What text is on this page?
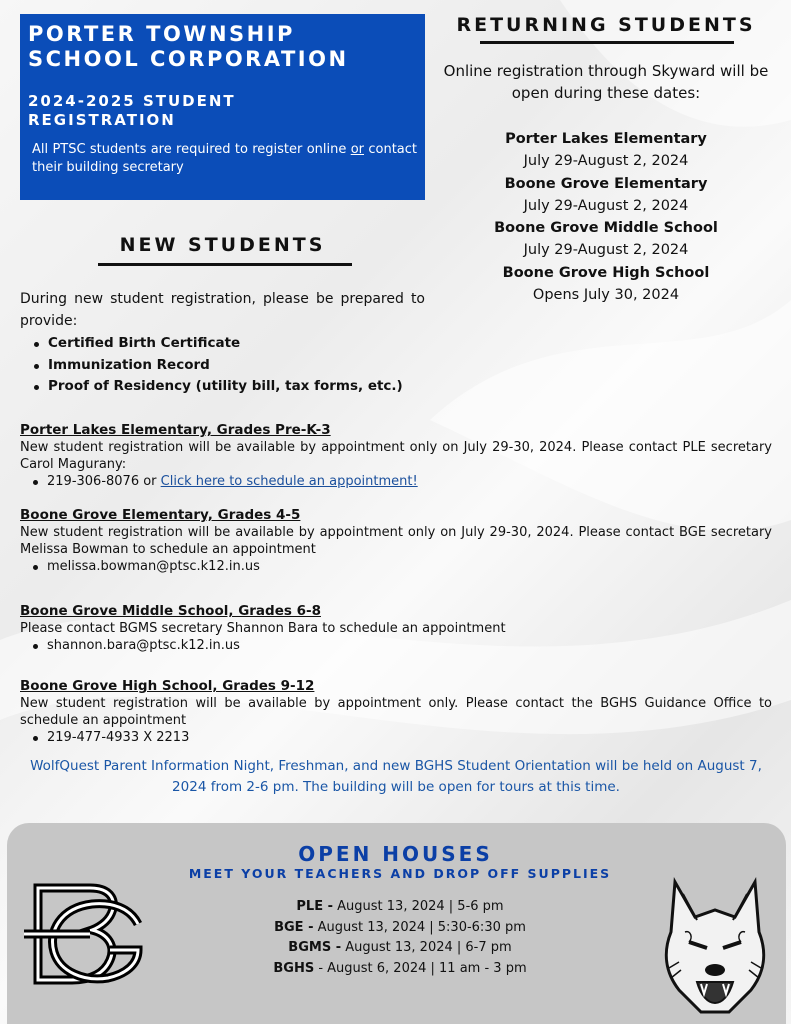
PORTER TOWNSHIP
SCHOOL CORPORATION
2024-2025 STUDENT
REGISTRATION
All PTSC students are required to register online or contact their building secretary
RETURNING STUDENTS
Online registration through Skyward will be open during these dates:
Porter Lakes Elementary
July 29-August 2, 2024
Boone Grove Elementary
July 29-August 2, 2024
Boone Grove Middle School
July 29-August 2, 2024
Boone Grove High School
Opens July 30, 2024
NEW STUDENTS
During new student registration, please be prepared to provide:
Certified Birth Certificate
Immunization Record
Proof of Residency (utility bill, tax forms, etc.)
Porter Lakes Elementary, Grades Pre-K-3
New student registration will be available by appointment only on July 29-30, 2024. Please contact PLE secretary Carol Magurany:
219-306-8076 or Click here to schedule an appointment!
Boone Grove Elementary, Grades 4-5
New student registration will be available by appointment only on July 29-30, 2024. Please contact BGE secretary Melissa Bowman to schedule an appointment
melissa.bowman@ptsc.k12.in.us
Boone Grove Middle School, Grades 6-8
Please contact BGMS secretary Shannon Bara to schedule an appointment
shannon.bara@ptsc.k12.in.us
Boone Grove High School, Grades 9-12
New student registration will be available by appointment only. Please contact the BGHS Guidance Office to schedule an appointment
219-477-4933 X 2213
WolfQuest Parent Information Night, Freshman, and new BGHS Student Orientation will be held on August 7, 2024 from 2-6 pm. The building will be open for tours at this time.
OPEN HOUSES
MEET YOUR TEACHERS AND DROP OFF SUPPLIES
PLE - August 13, 2024 | 5-6 pm
BGE - August 13, 2024 | 5:30-6:30 pm
BGMS - August 13, 2024 | 6-7 pm
BGHS - August 6, 2024 | 11 am - 3 pm
